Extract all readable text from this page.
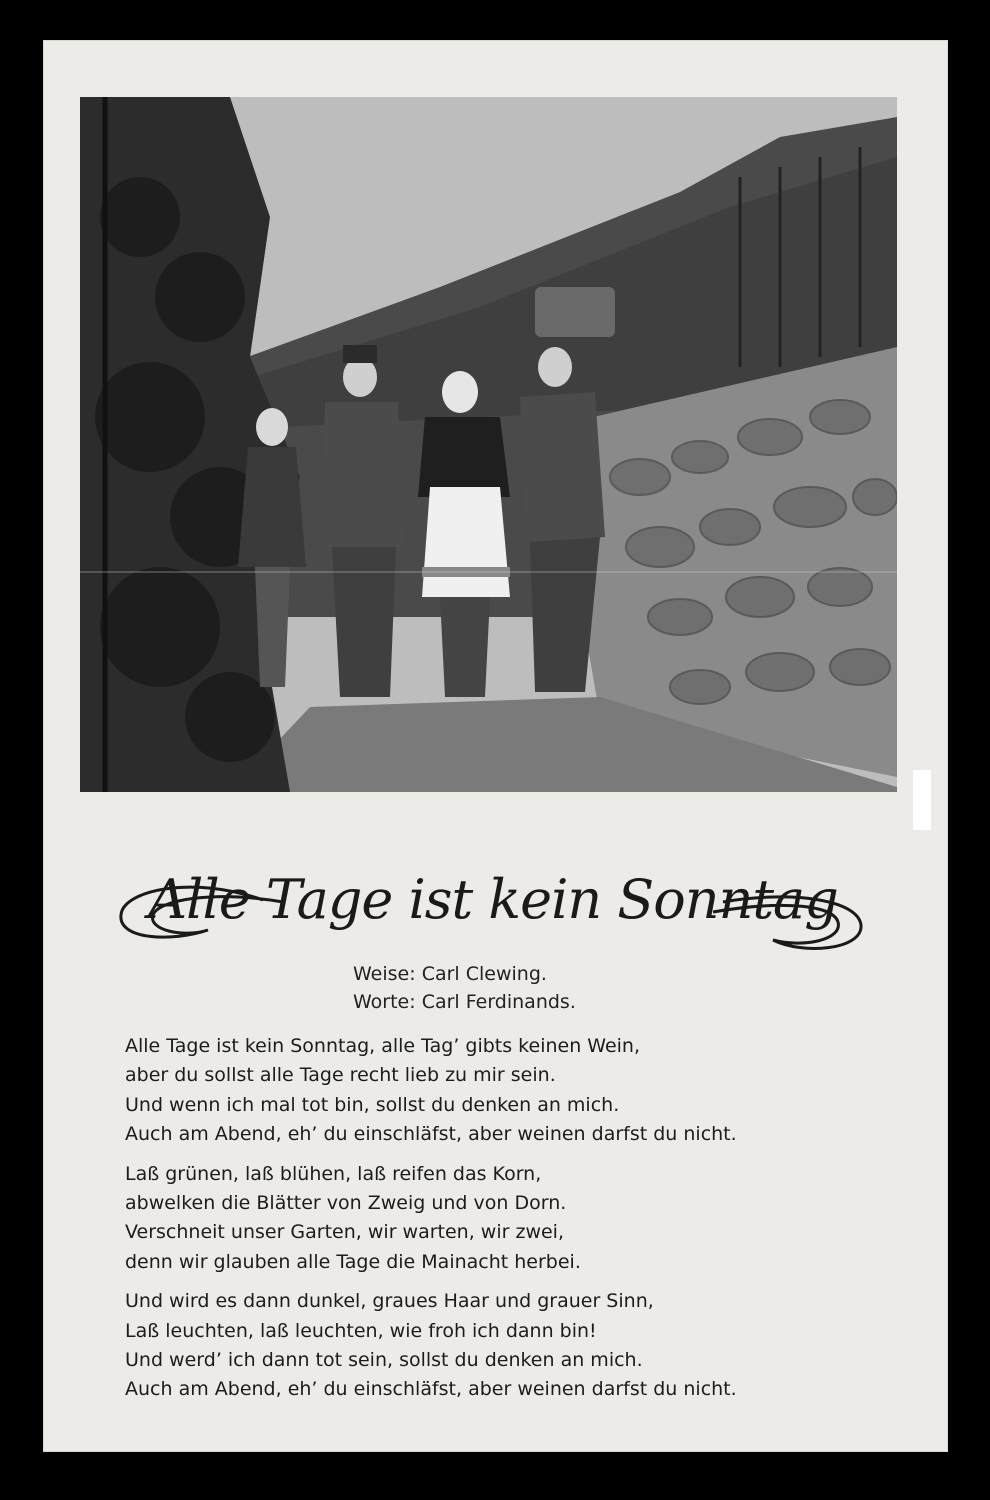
Alle Tage ist kein Sonntag
Weise: Carl Clewing.
Worte: Carl Ferdinands.
Alle Tage ist kein Sonntag, alle Tag’ gibts keinen Wein,
aber du sollst alle Tage recht lieb zu mir sein.
Und wenn ich mal tot bin, sollst du denken an mich.
Auch am Abend, eh’ du einschläfst, aber weinen darfst du nicht.
Laß grünen, laß blühen, laß reifen das Korn,
abwelken die Blätter von Zweig und von Dorn.
Verschneit unser Garten, wir warten, wir zwei,
denn wir glauben alle Tage die Mainacht herbei.
Und wird es dann dunkel, graues Haar und grauer Sinn,
Laß leuchten, laß leuchten, wie froh ich dann bin!
Und werd’ ich dann tot sein, sollst du denken an mich.
Auch am Abend, eh’ du einschläfst, aber weinen darfst du nicht.
